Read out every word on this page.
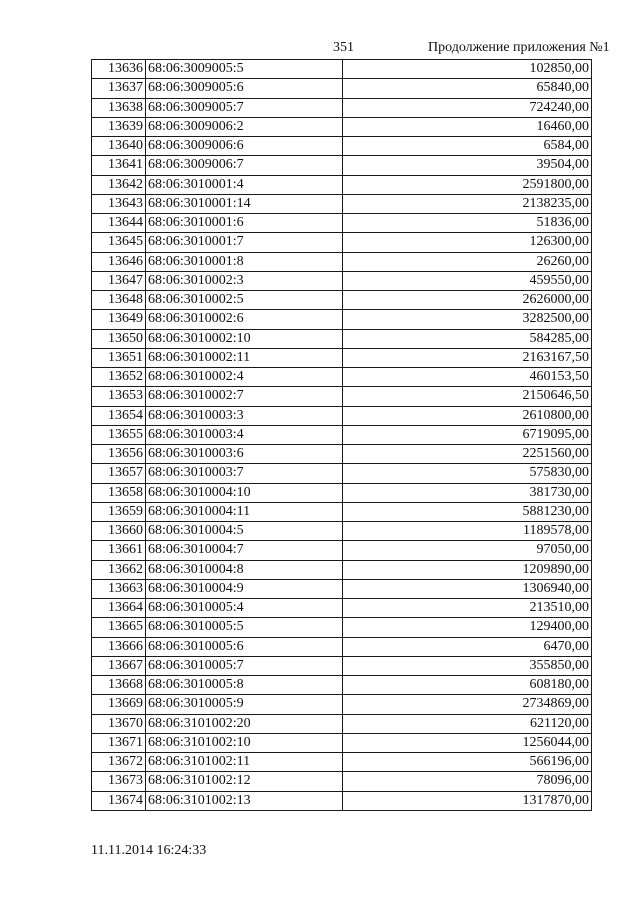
351	Продолжение приложения №1
13636	68:06:3009005:5	102850,00
13637	68:06:3009005:6	65840,00
13638	68:06:3009005:7	724240,00
13639	68:06:3009006:2	16460,00
13640	68:06:3009006:6	6584,00
13641	68:06:3009006:7	39504,00
13642	68:06:3010001:4	2591800,00
13643	68:06:3010001:14	2138235,00
13644	68:06:3010001:6	51836,00
13645	68:06:3010001:7	126300,00
13646	68:06:3010001:8	26260,00
13647	68:06:3010002:3	459550,00
13648	68:06:3010002:5	2626000,00
13649	68:06:3010002:6	3282500,00
13650	68:06:3010002:10	584285,00
13651	68:06:3010002:11	2163167,50
13652	68:06:3010002:4	460153,50
13653	68:06:3010002:7	2150646,50
13654	68:06:3010003:3	2610800,00
13655	68:06:3010003:4	6719095,00
13656	68:06:3010003:6	2251560,00
13657	68:06:3010003:7	575830,00
13658	68:06:3010004:10	381730,00
13659	68:06:3010004:11	5881230,00
13660	68:06:3010004:5	1189578,00
13661	68:06:3010004:7	97050,00
13662	68:06:3010004:8	1209890,00
13663	68:06:3010004:9	1306940,00
13664	68:06:3010005:4	213510,00
13665	68:06:3010005:5	129400,00
13666	68:06:3010005:6	6470,00
13667	68:06:3010005:7	355850,00
13668	68:06:3010005:8	608180,00
13669	68:06:3010005:9	2734869,00
13670	68:06:3101002:20	621120,00
13671	68:06:3101002:10	1256044,00
13672	68:06:3101002:11	566196,00
13673	68:06:3101002:12	78096,00
13674	68:06:3101002:13	1317870,00
11.11.2014 16:24:33
